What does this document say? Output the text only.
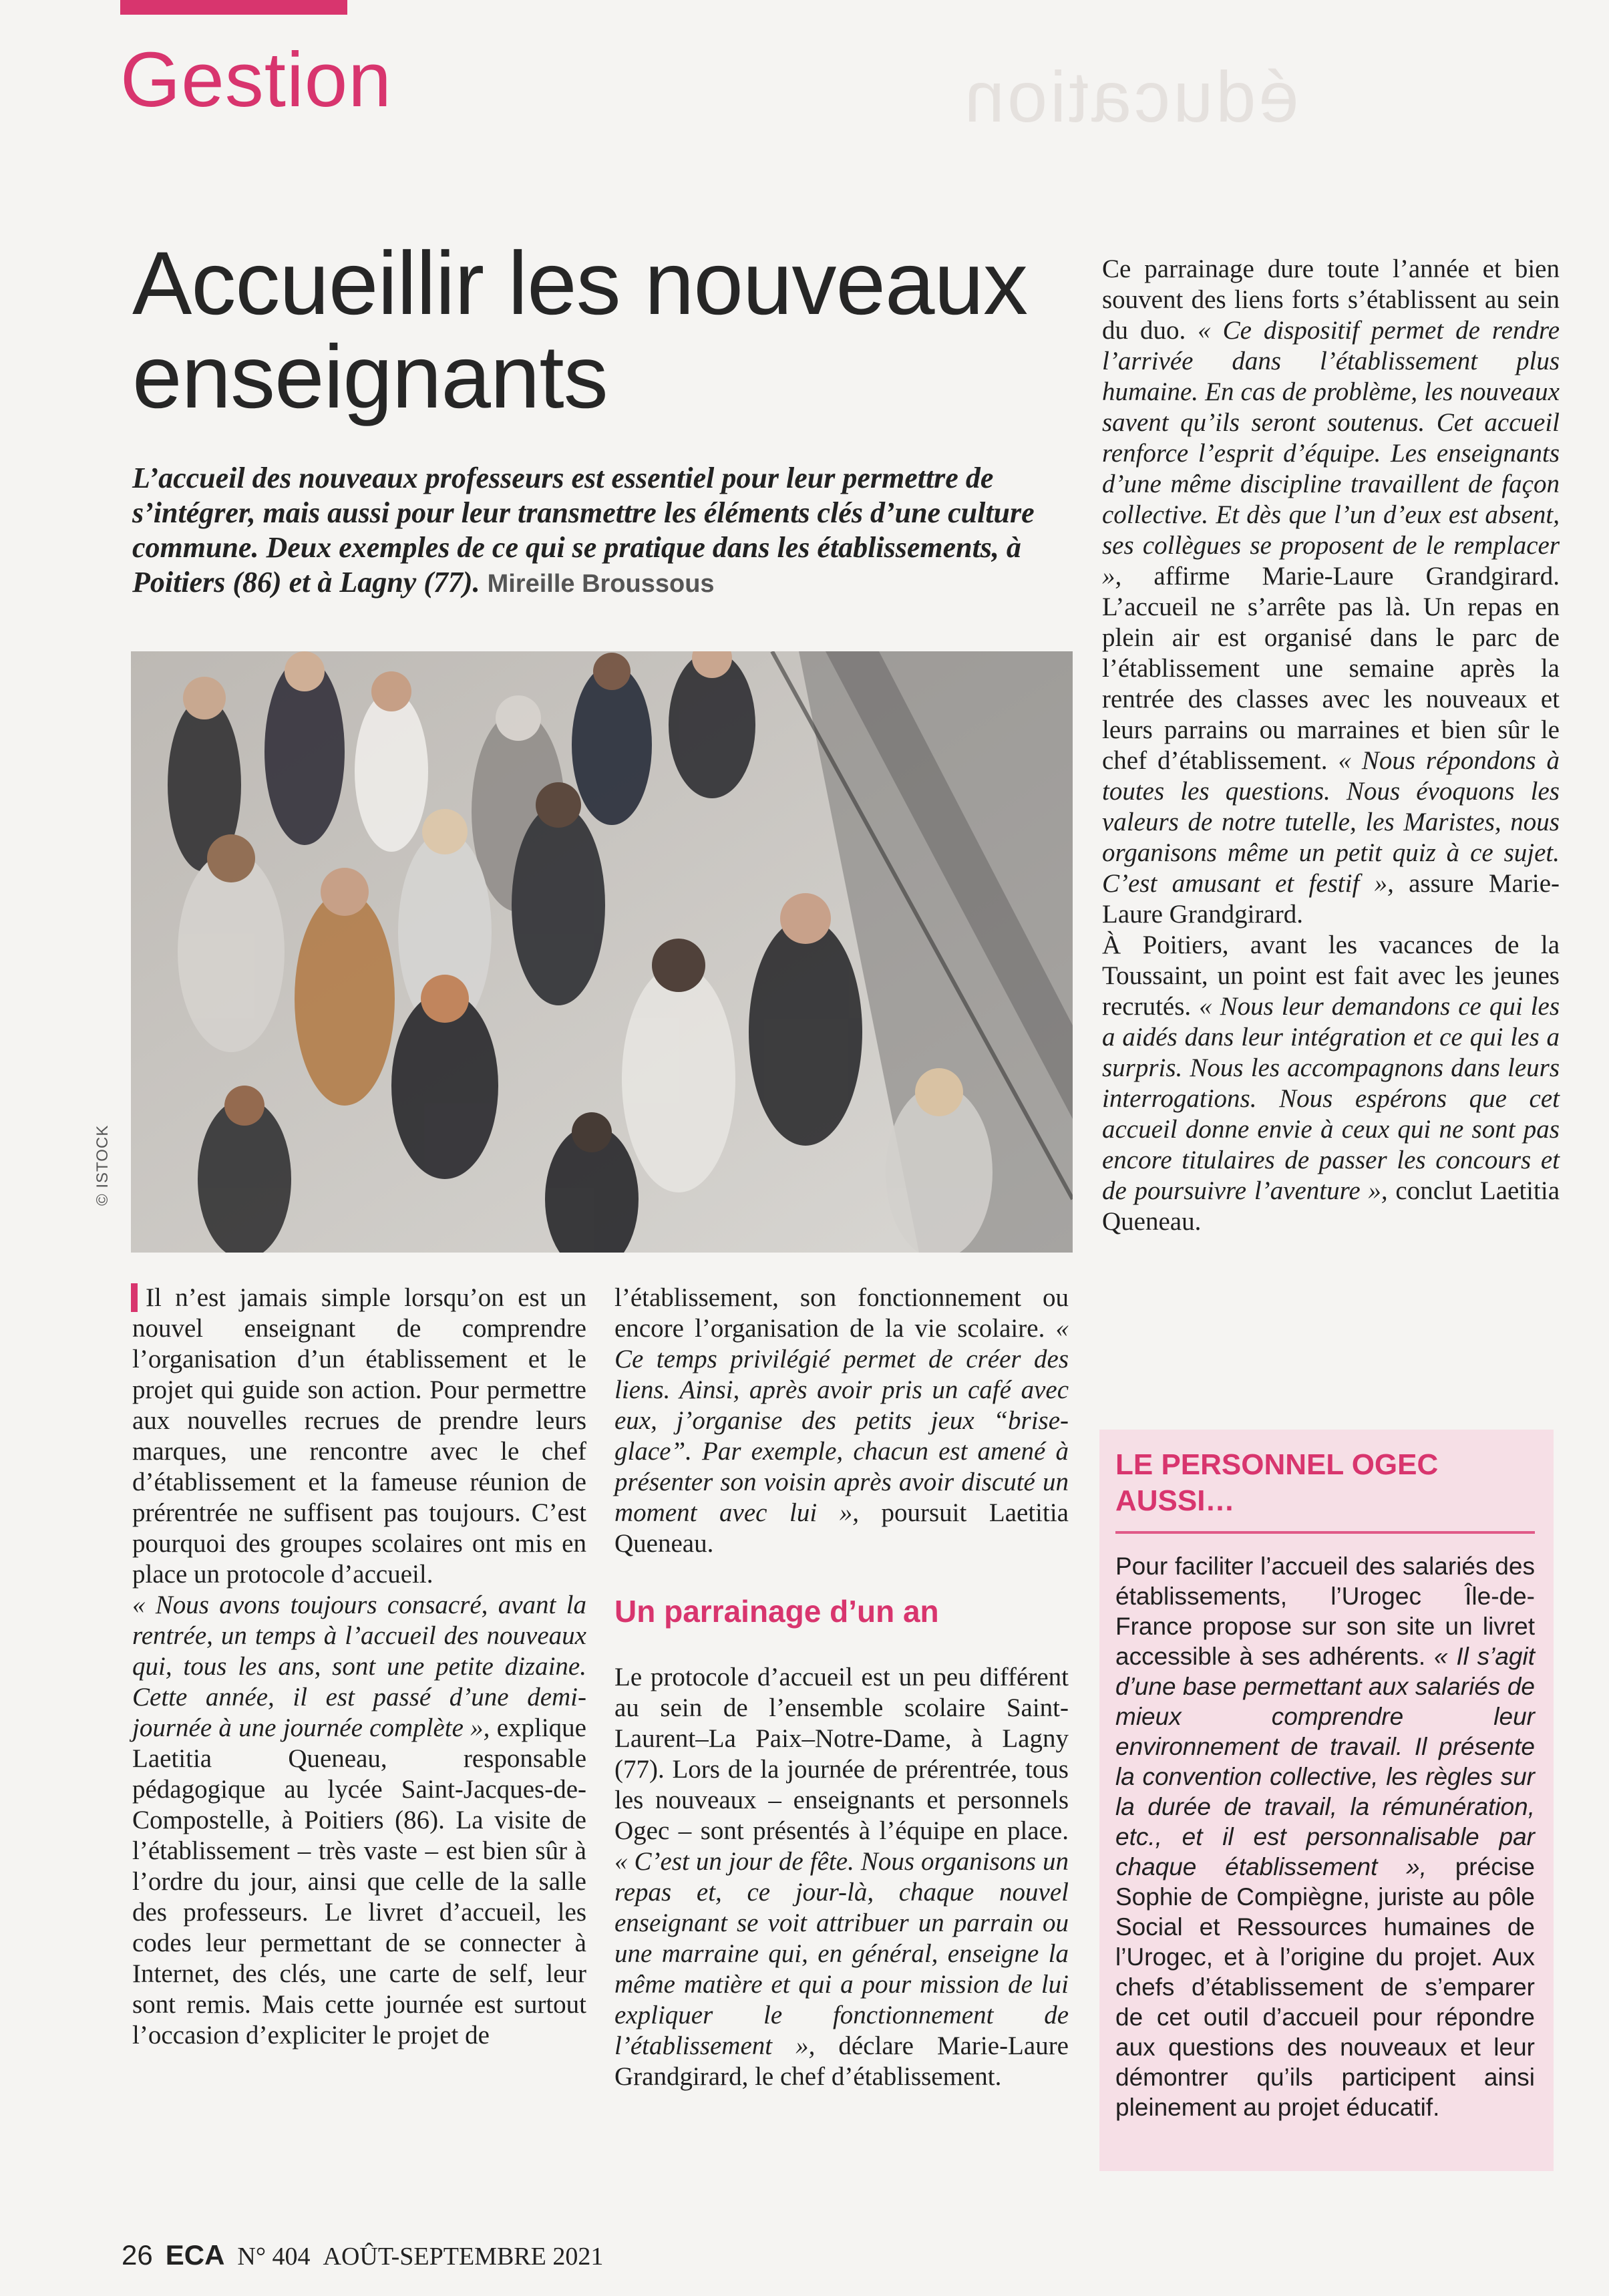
Gestion	éducation
Accueillir les nouveaux enseignants
L’accueil des nouveaux professeurs est essentiel pour leur permettre de s’intégrer, mais aussi pour leur transmettre les éléments clés d’une culture commune. Deux exemples de ce qui se pratique dans les établissements, à Poitiers (86) et à Lagny (77). Mireille Broussous
© ISTOCK

Il n’est jamais simple lorsqu’on est un nouvel enseignant de comprendre l’organisation d’un établissement et le projet qui guide son action. Pour permettre aux nouvelles recrues de prendre leurs marques, une rencontre avec le chef d’établissement et la fameuse réunion de prérentrée ne suffisent pas toujours. C’est pourquoi des groupes scolaires ont mis en place un protocole d’accueil.

« Nous avons toujours consacré, avant la rentrée, un temps à l’accueil des nouveaux qui, tous les ans, sont une petite dizaine. Cette année, il est passé d’une demi-journée à une journée complète », explique Laetitia Queneau, responsable pédagogique au lycée Saint-Jacques-de-Compostelle, à Poitiers (86). La visite de l’établissement – très vaste – est bien sûr à l’ordre du jour, ainsi que celle de la salle des professeurs. Le livret d’accueil, les codes leur permettant de se connecter à Internet, des clés, une carte de self, leur sont remis. Mais cette journée est surtout l’occasion d’expliciter le projet de

l’établissement, son fonctionnement ou encore l’organisation de la vie scolaire. « Ce temps privilégié permet de créer des liens. Ainsi, après avoir pris un café avec eux, j’organise des petits jeux “brise-glace”. Par exemple, chacun est amené à présenter son voisin après avoir discuté un moment avec lui », poursuit Laetitia Queneau.

Un parrainage d’un an

Le protocole d’accueil est un peu différent au sein de l’ensemble scolaire Saint-Laurent–La Paix–Notre-Dame, à Lagny (77). Lors de la journée de prérentrée, tous les nouveaux – enseignants et personnels Ogec – sont présentés à l’équipe en place. « C’est un jour de fête. Nous organisons un repas et, ce jour-là, chaque nouvel enseignant se voit attribuer un parrain ou une marraine qui, en général, enseigne la même matière et qui a pour mission de lui expliquer le fonctionnement de l’établissement », déclare Marie-Laure Grandgirard, le chef d’établissement.

Ce parrainage dure toute l’année et bien souvent des liens forts s’établissent au sein du duo. « Ce dispositif permet de rendre l’arrivée dans l’établissement plus humaine. En cas de problème, les nouveaux savent qu’ils seront soutenus. Cet accueil renforce l’esprit d’équipe. Les enseignants d’une même discipline travaillent de façon collective. Et dès que l’un d’eux est absent, ses collègues se proposent de le remplacer », affirme Marie-Laure Grandgirard. L’accueil ne s’arrête pas là. Un repas en plein air est organisé dans le parc de l’établissement une semaine après la rentrée des classes avec les nouveaux et leurs parrains ou marraines et bien sûr le chef d’établissement. « Nous répondons à toutes les questions. Nous évoquons les valeurs de notre tutelle, les Maristes, nous organisons même un petit quiz à ce sujet. C’est amusant et festif », assure Marie-Laure Grandgirard.

À Poitiers, avant les vacances de la Toussaint, un point est fait avec les jeunes recrutés. « Nous leur demandons ce qui les a aidés dans leur intégration et ce qui les a surpris. Nous les accompagnons dans leurs interrogations. Nous espérons que cet accueil donne envie à ceux qui ne sont pas encore titulaires de passer les concours et de poursuivre l’aventure », conclut Laetitia Queneau.

LE PERSONNEL OGEC AUSSI…

Pour faciliter l’accueil des salariés des établissements, l’Urogec Île-de-France propose sur son site un livret accessible à ses adhérents. « Il s’agit d’une base permettant aux salariés de mieux comprendre leur environnement de travail. Il présente la convention collective, les règles sur la durée de travail, la rémunération, etc., et il est personnalisable par chaque établissement », précise Sophie de Compiègne, juriste au pôle Social et Ressources humaines de l’Urogec, et à l’origine du projet. Aux chefs d’établissement de s’emparer de cet outil d’accueil pour répondre aux questions des nouveaux et leur démontrer qu’ils participent ainsi pleinement au projet éducatif.

26 ECA N° 404 AOÛT-SEPTEMBRE 2021
